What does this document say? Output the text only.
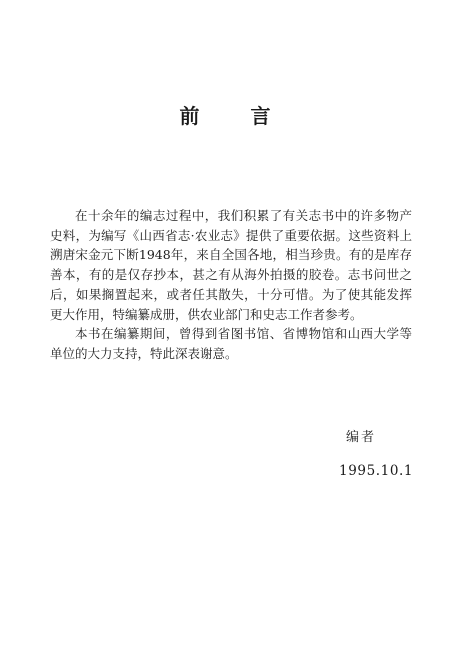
前 言

在十余年的编志过程中，我们积累了有关志书中的许多物产史料，为编写《山西省志·农业志》提供了重要依据。这些资料上溯唐宋金元下断1948年，来自全国各地，相当珍贵。有的是库存善本，有的是仅存抄本，甚之有从海外拍摄的胶卷。志书问世之后，如果搁置起来，或者任其散失，十分可惜。为了使其能发挥更大作用，特编纂成册，供农业部门和史志工作者参考。

本书在编纂期间，曾得到省图书馆、省博物馆和山西大学等单位的大力支持，特此深表谢意。

编者
1995.10.1
